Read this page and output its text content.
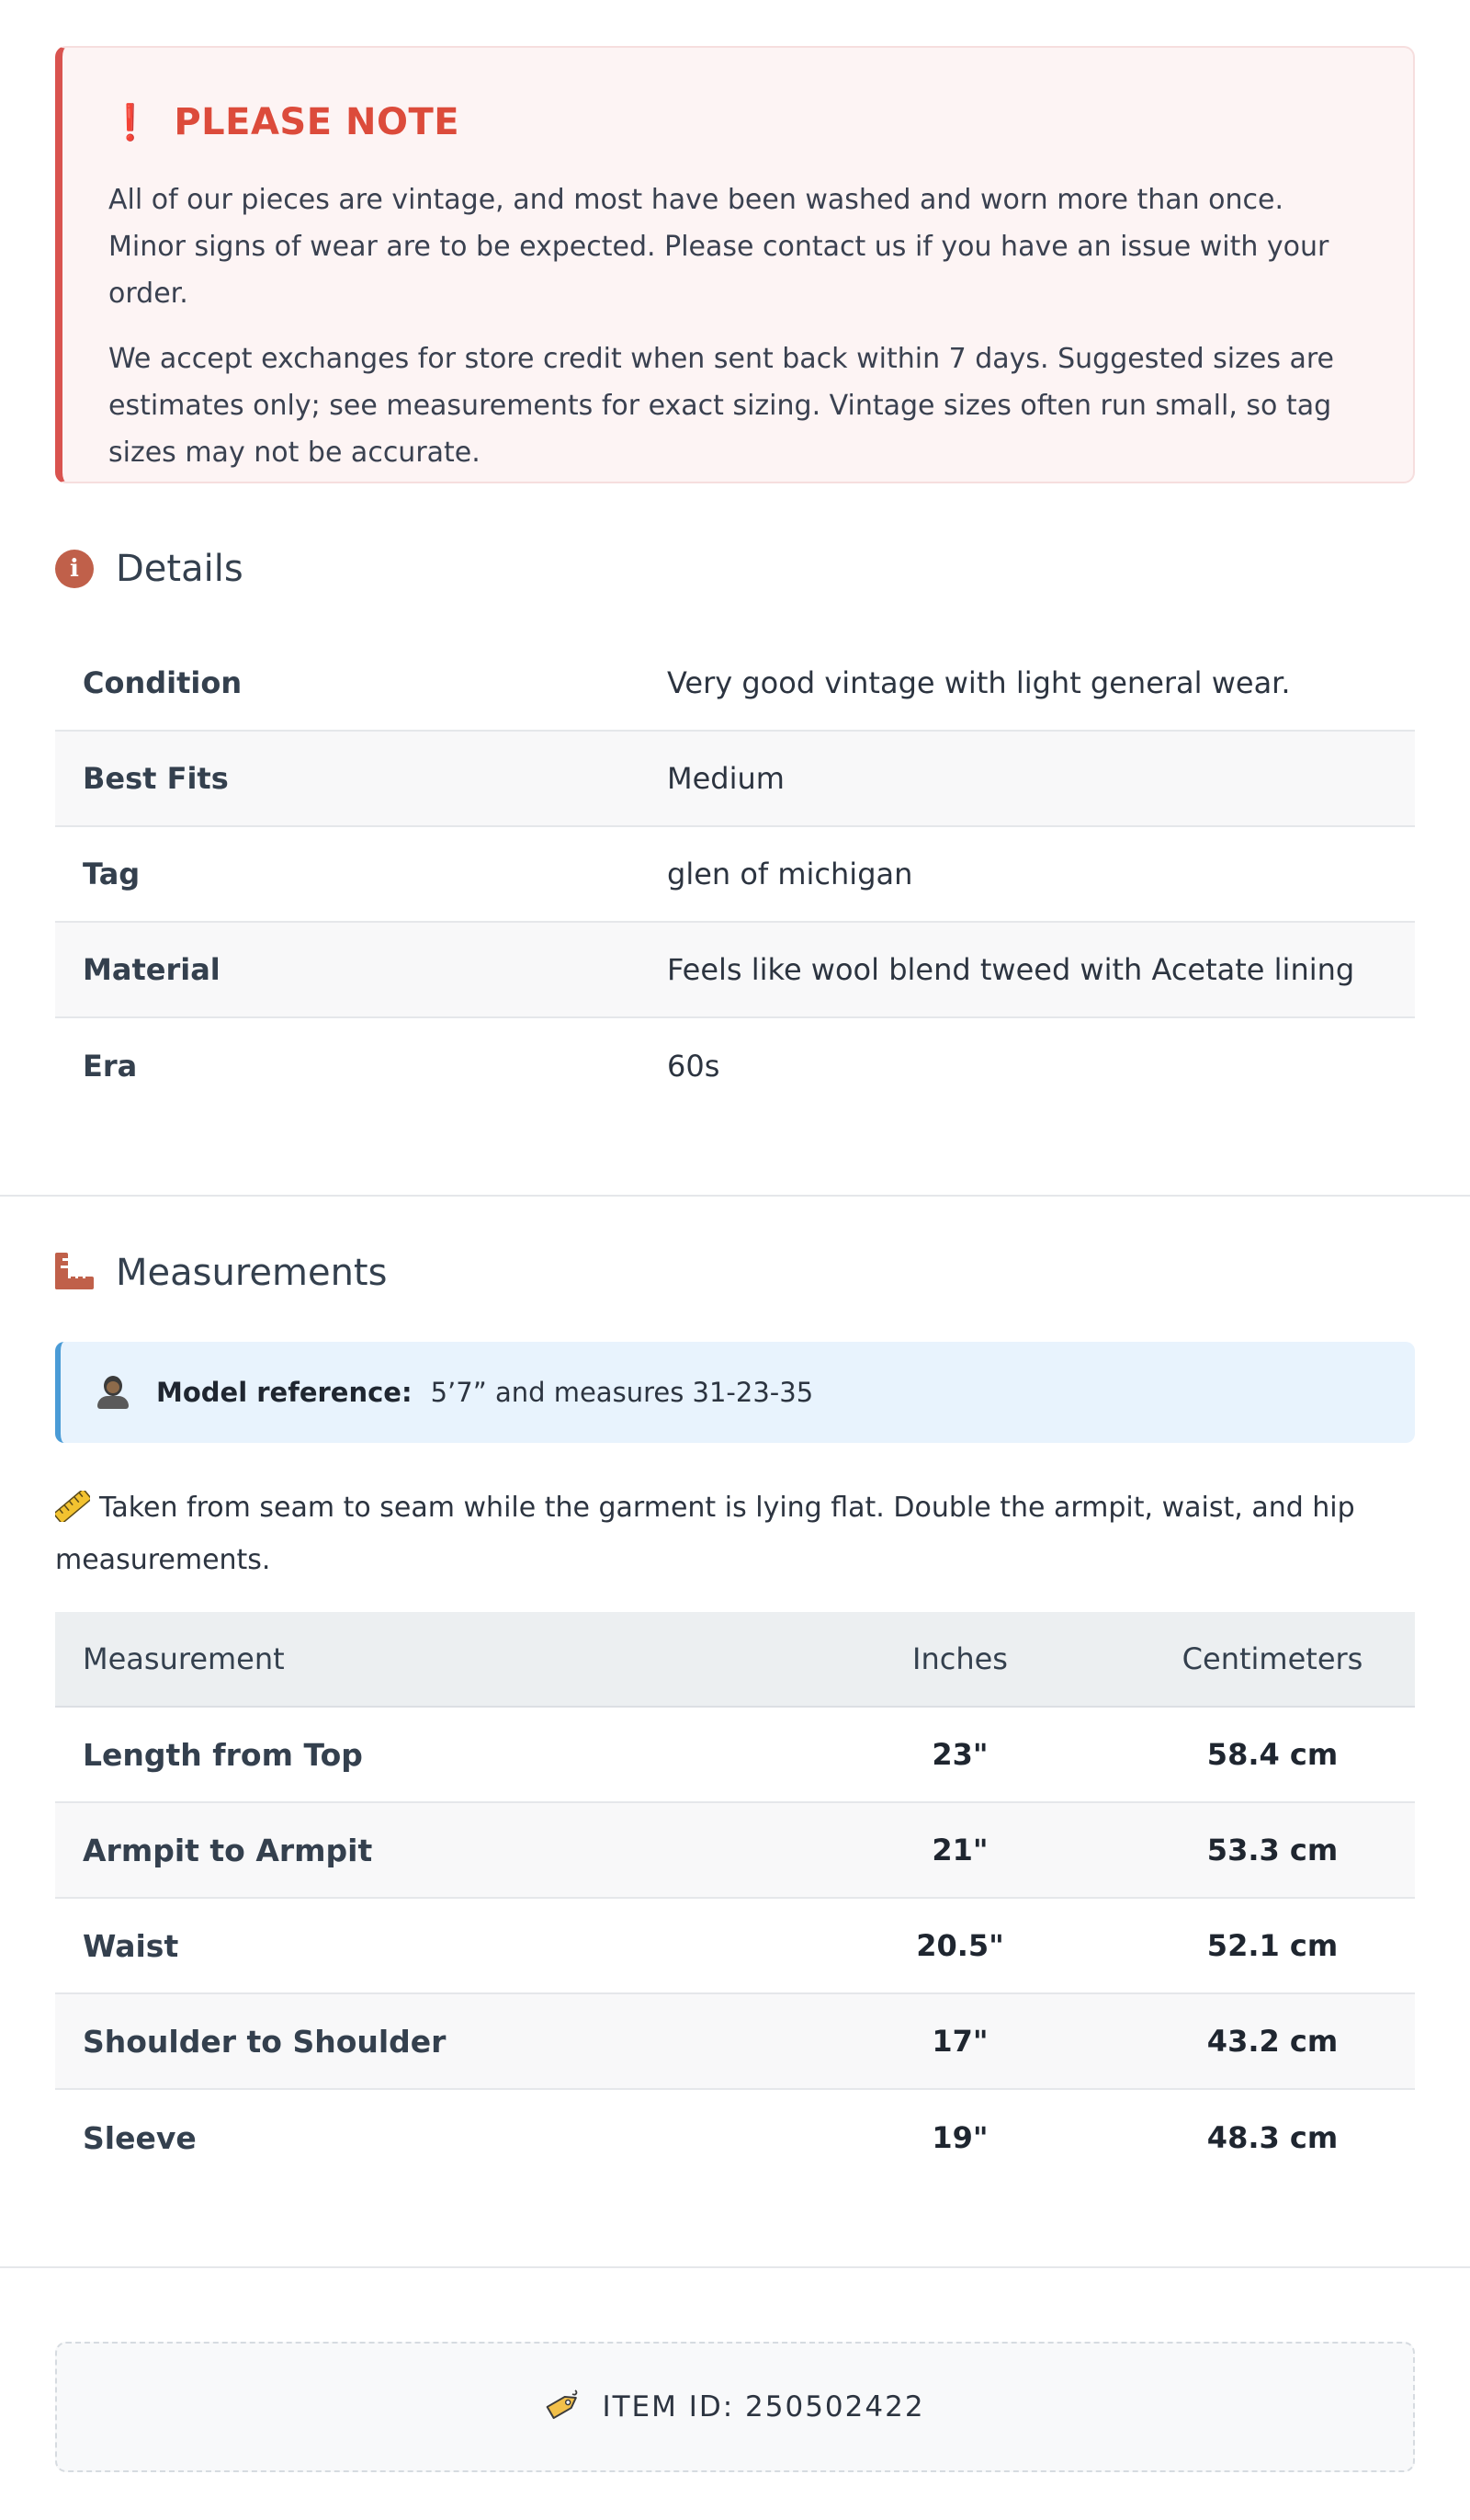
❗ PLEASE NOTE

All of our pieces are vintage, and most have been washed and worn more than once. Minor signs of wear are to be expected. Please contact us if you have an issue with your order.

We accept exchanges for store credit when sent back within 7 days. Suggested sizes are estimates only; see measurements for exact sizing. Vintage sizes often run small, so tag sizes may not be accurate.

i	Details
Condition	Very good vintage with light general wear.
Best Fits	Medium
Tag	glen of michigan
Material	Feels like wool blend tweed with Acetate lining
Era	60s
Measurements
Model reference: 5’7” and measures 31-23-35
Taken from seam to seam while the garment is lying flat. Double the armpit, waist, and hip measurements.
Measurement	Inches	Centimeters
Length from Top	23"	58.4 cm
Armpit to Armpit	21"	53.3 cm
Waist	20.5"	52.1 cm
Shoulder to Shoulder	17"	43.2 cm
Sleeve	19"	48.3 cm
ITEM ID: 250502422
